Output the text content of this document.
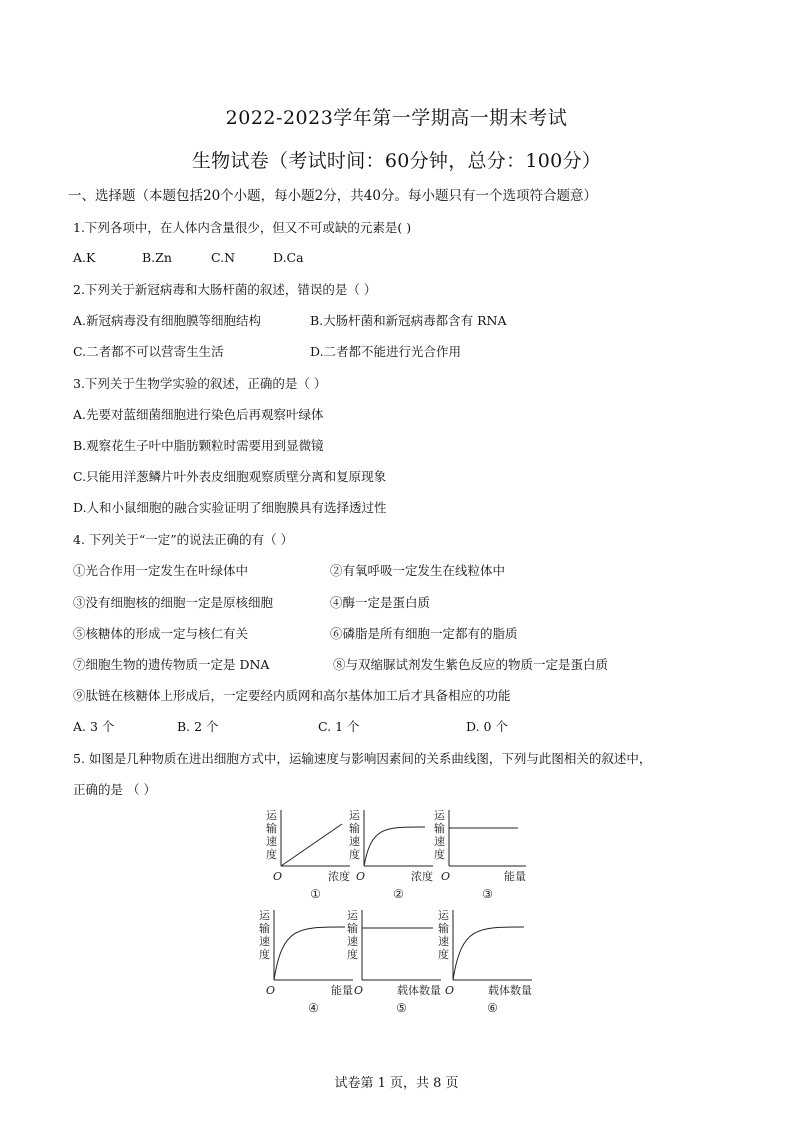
2022-2023学年第一学期高一期末考试
生物试卷（考试时间：60分钟，总分：100分）
一、选择题（本题包括20个小题，每小题2分，共40分。每小题只有一个选项符合题意）
1.下列各项中，在人体内含量很少，但又不可或缺的元素是( )
A.K	B.Zn	C.N	D.Ca
2.下列关于新冠病毒和大肠杆菌的叙述，错误的是（ ）
A.新冠病毒没有细胞膜等细胞结构	B.大肠杆菌和新冠病毒都含有 RNA
C.二者都不可以营寄生生活	D.二者都不能进行光合作用
3.下列关于生物学实验的叙述，正确的是（ ）
A.先要对蓝细菌细胞进行染色后再观察叶绿体
B.观察花生子叶中脂肪颗粒时需要用到显微镜
C.只能用洋葱鳞片叶外表皮细胞观察质壁分离和复原现象
D.人和小鼠细胞的融合实验证明了细胞膜具有选择透过性
4. 下列关于“一定”的说法正确的有（ ）
①光合作用一定发生在叶绿体中	②有氧呼吸一定发生在线粒体中
③没有细胞核的细胞一定是原核细胞	④酶一定是蛋白质
⑤核糖体的形成一定与核仁有关	⑥磷脂是所有细胞一定都有的脂质
⑦细胞生物的遗传物质一定是 DNA	⑧与双缩脲试剂发生紫色反应的物质一定是蛋白质
⑨肽链在核糖体上形成后，一定要经内质网和高尔基体加工后才具备相应的功能
A. 3 个	B. 2 个	C. 1 个	D. 0 个
5. 如图是几种物质在进出细胞方式中，运输速度与影响因素间的关系曲线图，下列与此图相关的叙述中，
正确的是 （ ）
运
输
速
度
O	浓度
①
运
输
速
度
O	浓度
②
运
输
速
度
O	能量
③
运
输
速
度
O	能量
④
运
输
速
度
O	载体数量
⑤
运
输
速
度
O	载体数量
⑥
试卷第 1 页，共 8 页
